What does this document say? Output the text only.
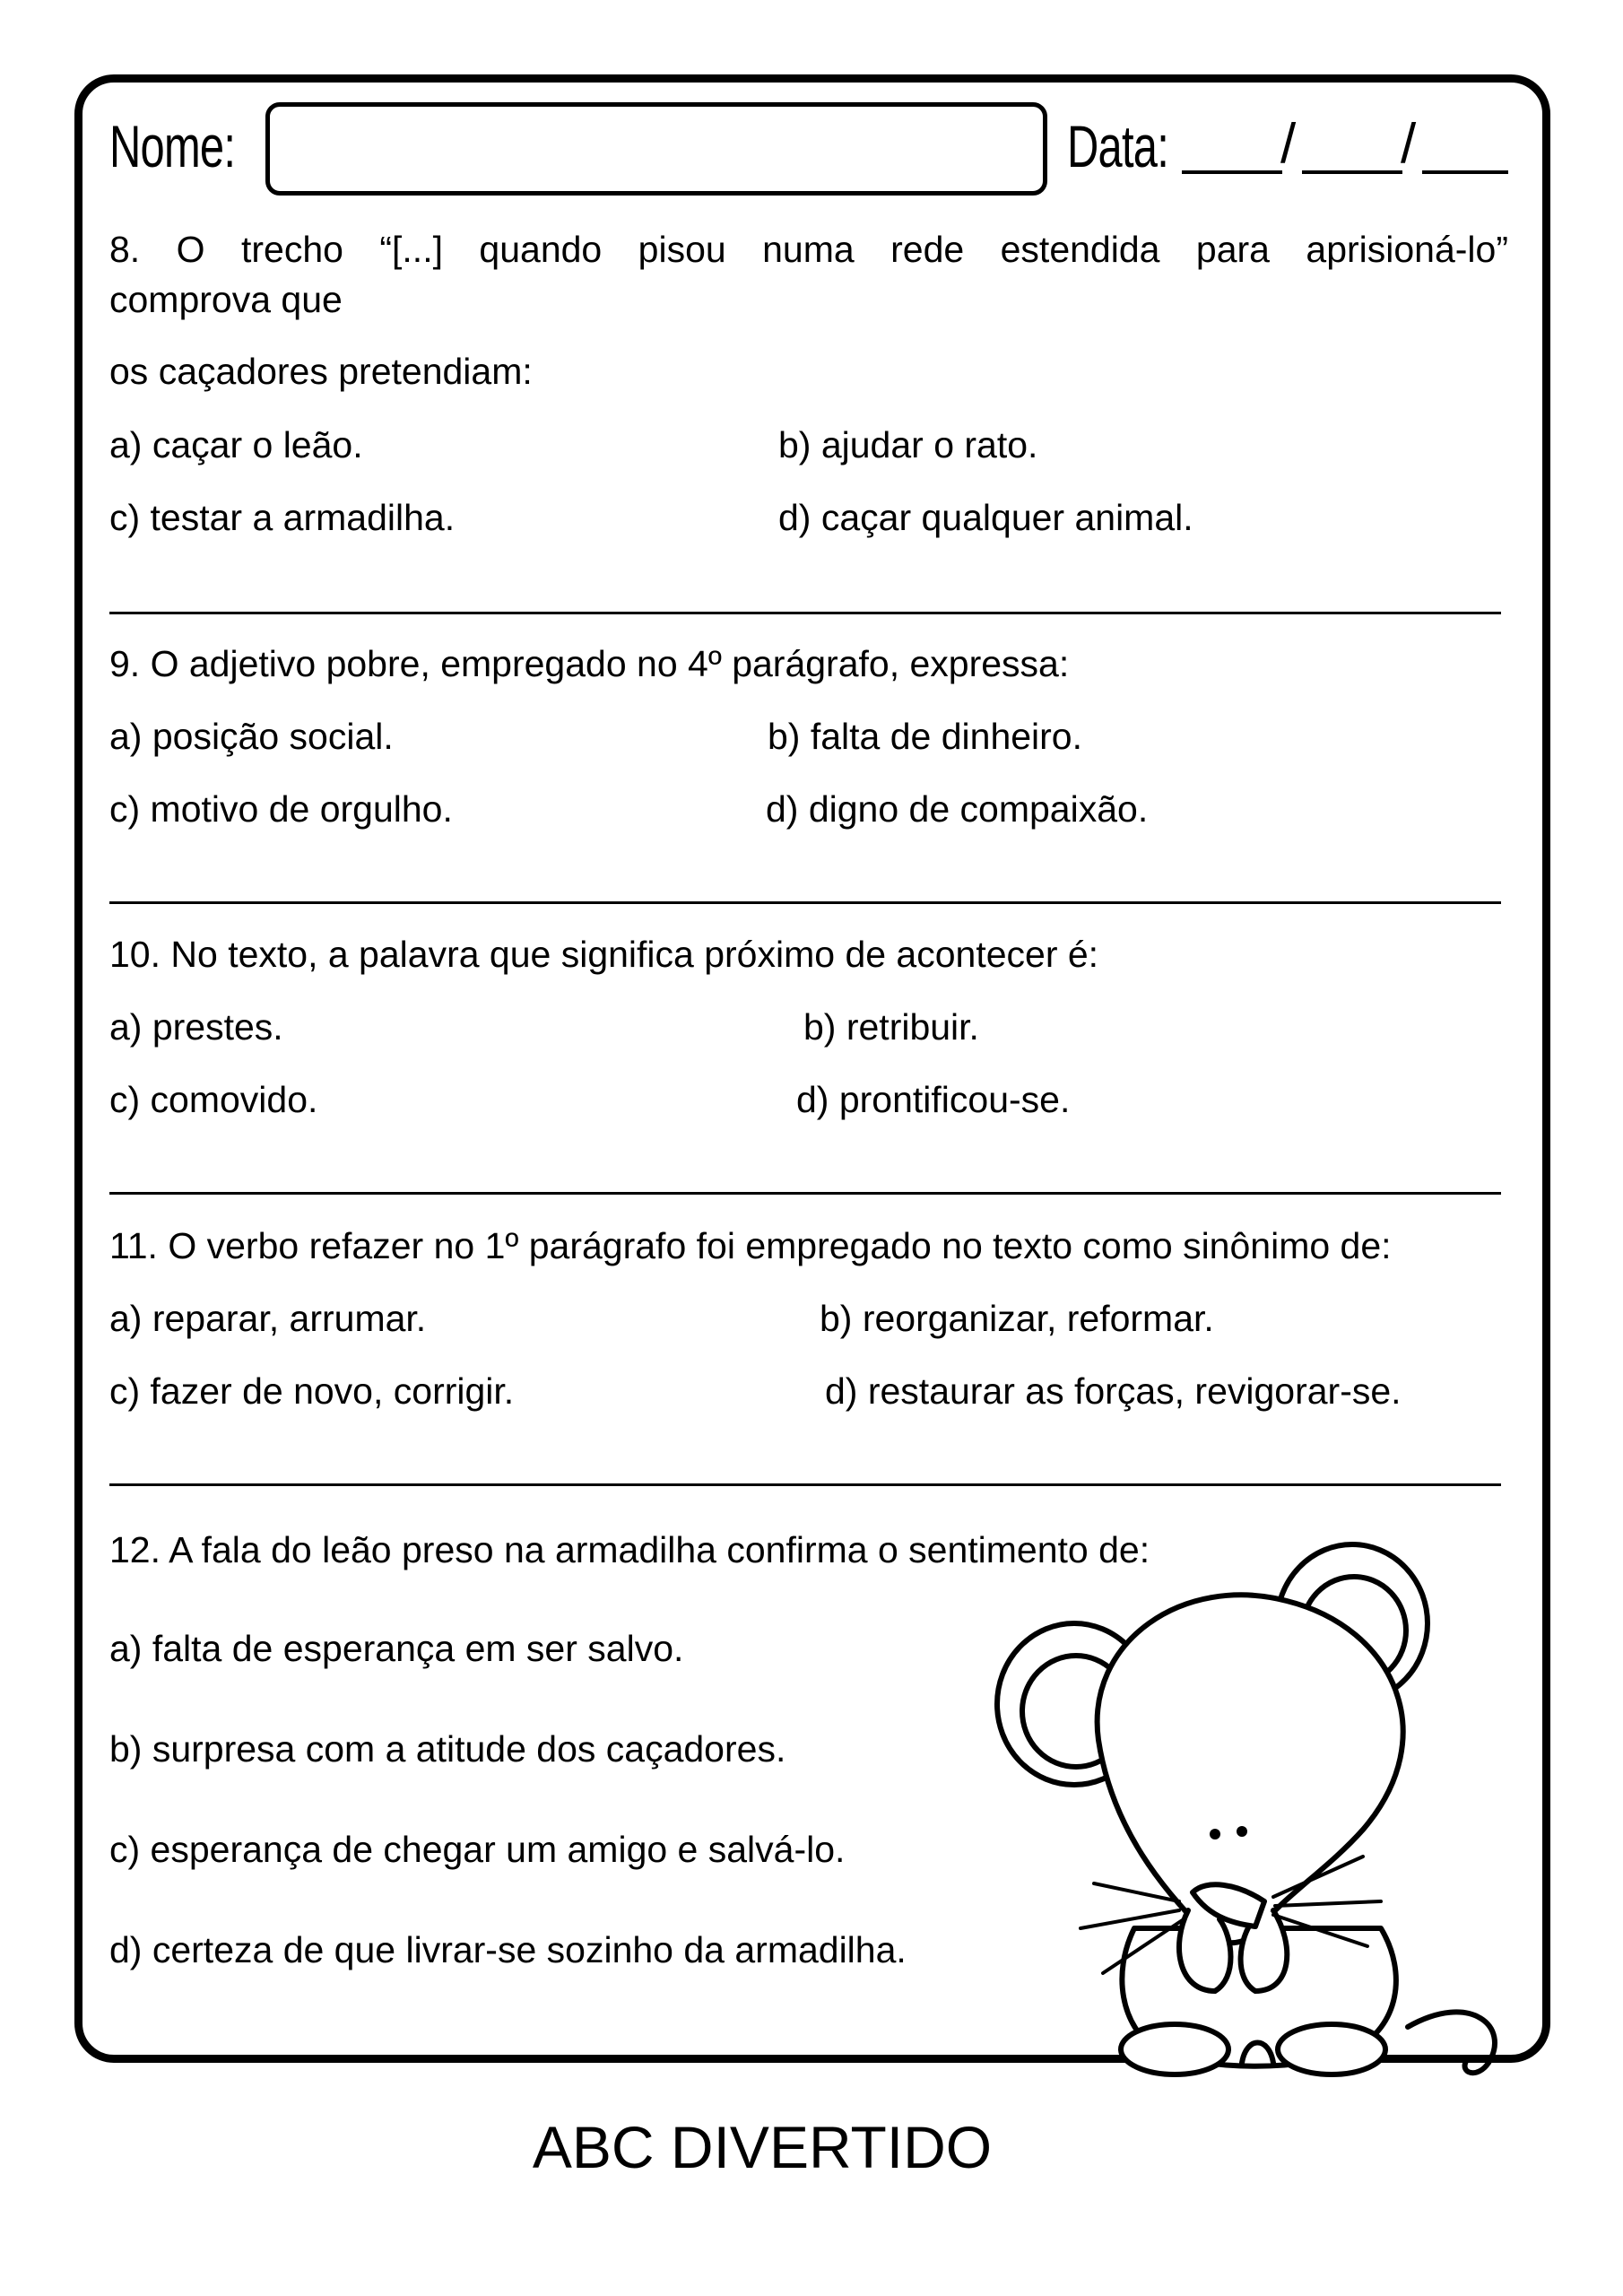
Nome:	Data: / /
8. O trecho “[...] quando pisou numa rede estendida para aprisioná-lo”
comprova que
os caçadores pretendiam:
a) caçar o leão.	b) ajudar o rato.
c) testar a armadilha.	d) caçar qualquer animal.
9. O adjetivo pobre, empregado no 4º parágrafo, expressa:
a) posição social.	b) falta de dinheiro.
c) motivo de orgulho.	d) digno de compaixão.
10. No texto, a palavra que significa próximo de acontecer é:
a) prestes.	b) retribuir.
c) comovido.	d) prontificou-se.
11. O verbo refazer no 1º parágrafo foi empregado no texto como sinônimo de:
a) reparar, arrumar.	b) reorganizar, reformar.
c) fazer de novo, corrigir.	d) restaurar as forças, revigorar-se.
12. A fala do leão preso na armadilha confirma o sentimento de:
a) falta de esperança em ser salvo.
b) surpresa com a atitude dos caçadores.
c) esperança de chegar um amigo e salvá-lo.
d) certeza de que livrar-se sozinho da armadilha.
ABC DIVERTIDO
